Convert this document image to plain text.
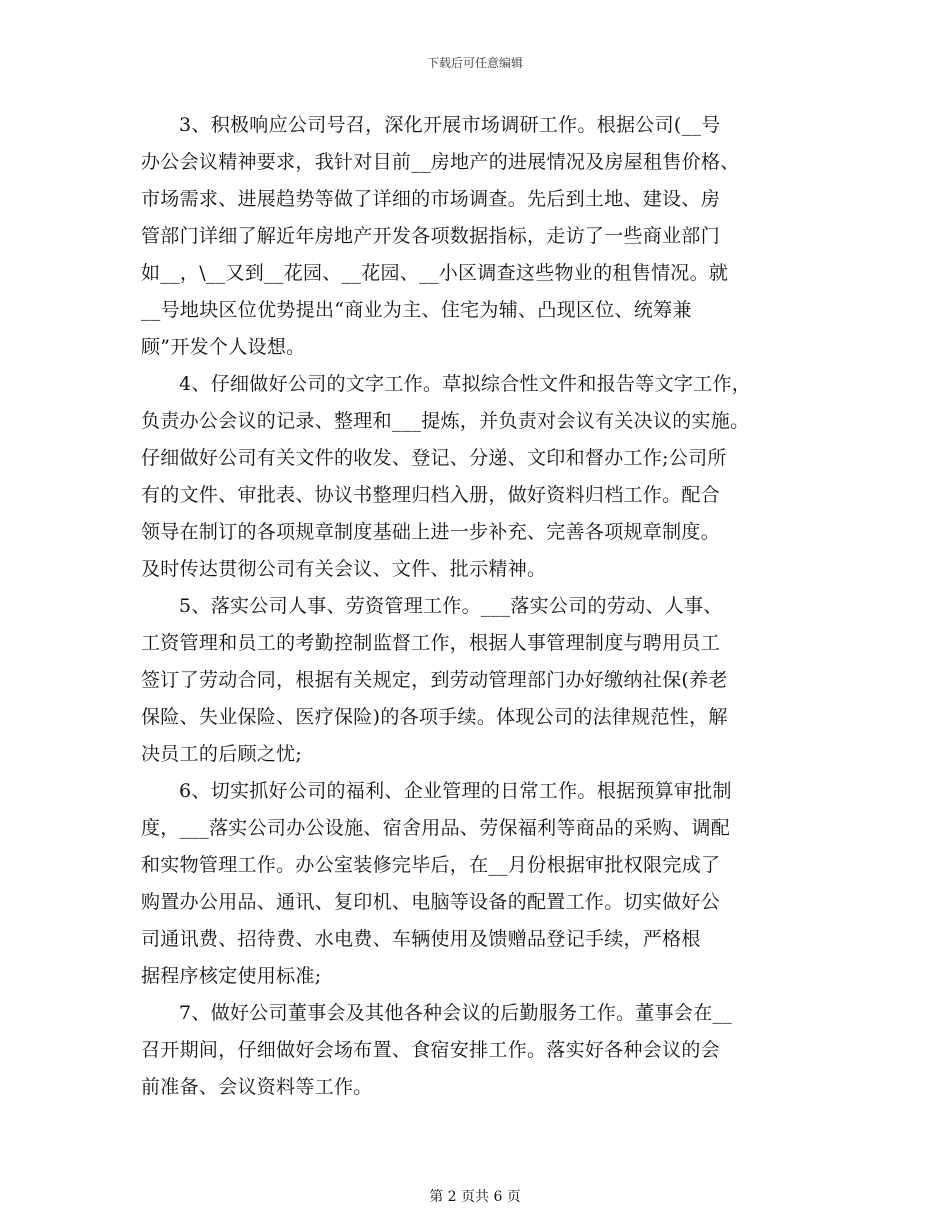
下载后可任意编辑
3、积极响应公司号召，深化开展市场调研工作。根据公司(__号
办公会议精神要求，我针对目前__房地产的进展情况及房屋租售价格、
市场需求、进展趋势等做了详细的市场调查。先后到土地、建设、房
管部门详细了解近年房地产开发各项数据指标，走访了一些商业部门
如__，\__又到__花园、__花园、__小区调查这些物业的租售情况。就
__号地块区位优势提出“商业为主、住宅为辅、凸现区位、统筹兼
顾”开发个人设想。
4、仔细做好公司的文字工作。草拟综合性文件和报告等文字工作，
负责办公会议的记录、整理和___提炼，并负责对会议有关决议的实施。
仔细做好公司有关文件的收发、登记、分递、文印和督办工作;公司所
有的文件、审批表、协议书整理归档入册，做好资料归档工作。配合
领导在制订的各项规章制度基础上进一步补充、完善各项规章制度。
及时传达贯彻公司有关会议、文件、批示精神。
5、落实公司人事、劳资管理工作。___落实公司的劳动、人事、
工资管理和员工的考勤控制监督工作，根据人事管理制度与聘用员工
签订了劳动合同，根据有关规定，到劳动管理部门办好缴纳社保(养老
保险、失业保险、医疗保险)的各项手续。体现公司的法律规范性，解
决员工的后顾之忧;
6、切实抓好公司的福利、企业管理的日常工作。根据预算审批制
度，___落实公司办公设施、宿舍用品、劳保福利等商品的采购、调配
和实物管理工作。办公室装修完毕后，在__月份根据审批权限完成了
购置办公用品、通讯、复印机、电脑等设备的配置工作。切实做好公
司通讯费、招待费、水电费、车辆使用及馈赠品登记手续，严格根
据程序核定使用标准;
7、做好公司董事会及其他各种会议的后勤服务工作。董事会在__
召开期间，仔细做好会场布置、食宿安排工作。落实好各种会议的会
前准备、会议资料等工作。
第 2 页共 6 页
